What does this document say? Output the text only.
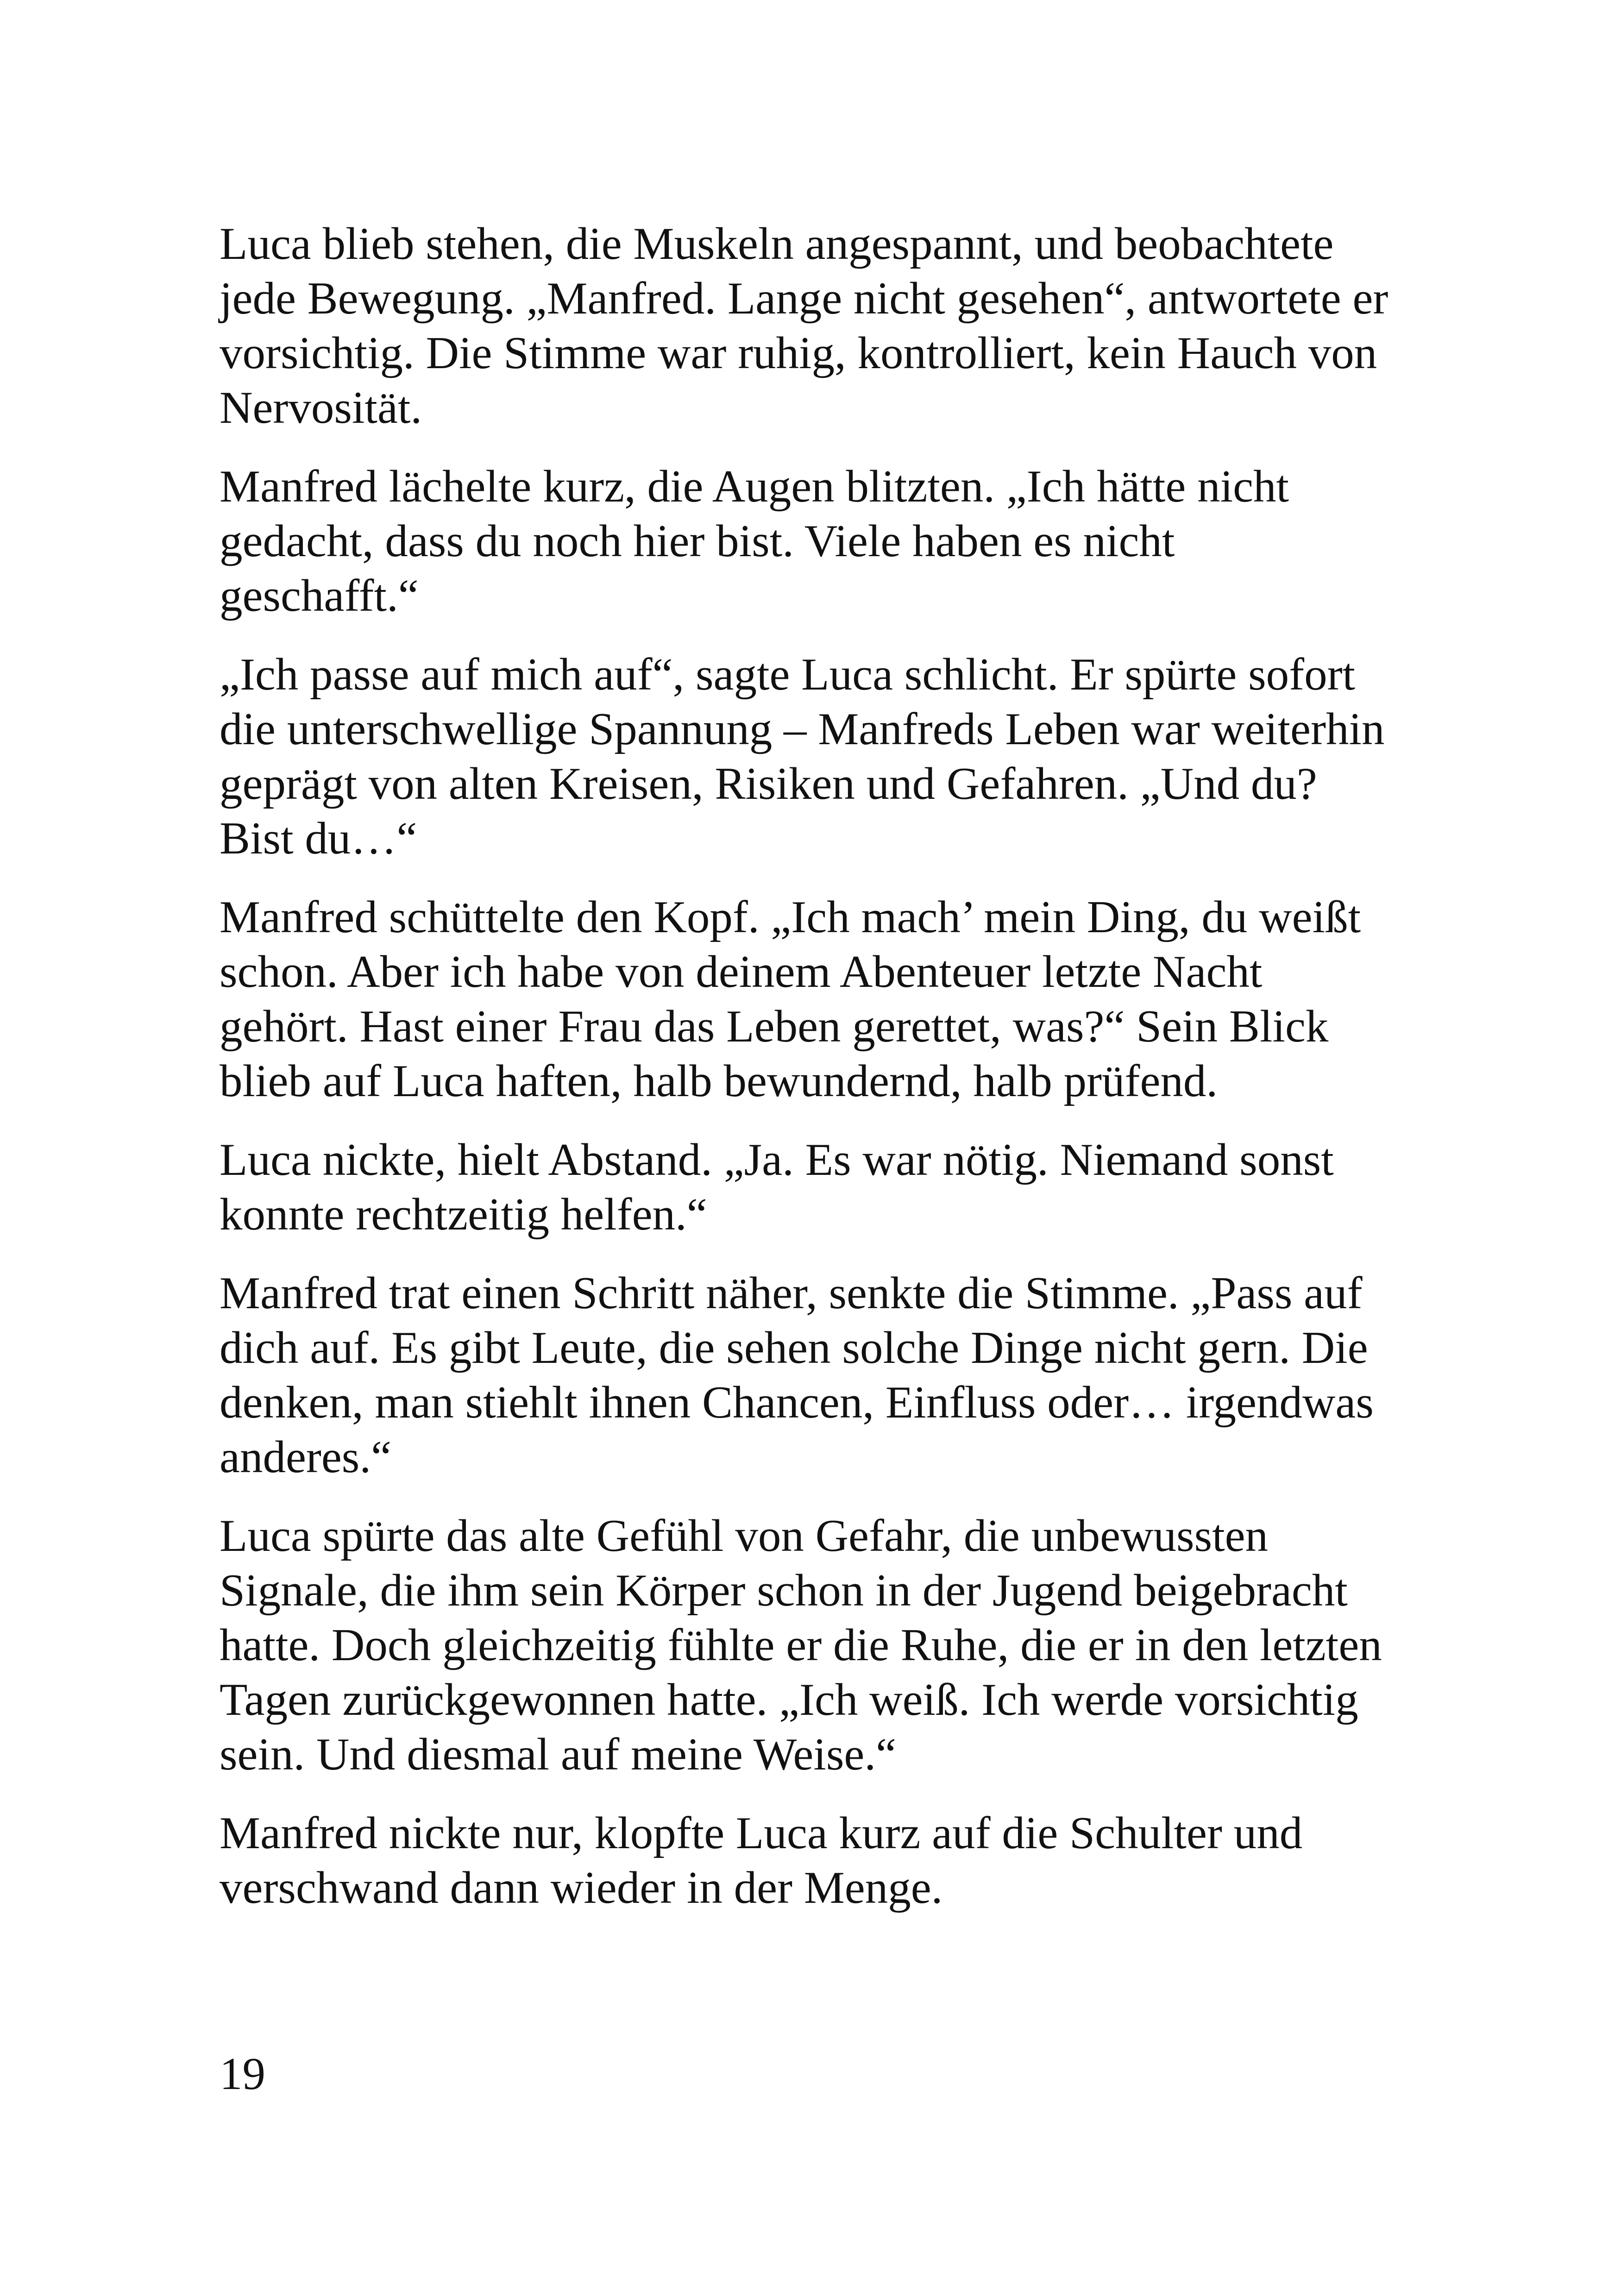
Luca blieb stehen, die Muskeln angespannt, und beobachtete
jede Bewegung. „Manfred. Lange nicht gesehen“, antwortete er
vorsichtig. Die Stimme war ruhig, kontrolliert, kein Hauch von
Nervosität.

Manfred lächelte kurz, die Augen blitzten. „Ich hätte nicht
gedacht, dass du noch hier bist. Viele haben es nicht
geschafft.“

„Ich passe auf mich auf“, sagte Luca schlicht. Er spürte sofort
die unterschwellige Spannung – Manfreds Leben war weiterhin
geprägt von alten Kreisen, Risiken und Gefahren. „Und du?
Bist du…“

Manfred schüttelte den Kopf. „Ich mach’ mein Ding, du weißt
schon. Aber ich habe von deinem Abenteuer letzte Nacht
gehört. Hast einer Frau das Leben gerettet, was?“ Sein Blick
blieb auf Luca haften, halb bewundernd, halb prüfend.

Luca nickte, hielt Abstand. „Ja. Es war nötig. Niemand sonst
konnte rechtzeitig helfen.“

Manfred trat einen Schritt näher, senkte die Stimme. „Pass auf
dich auf. Es gibt Leute, die sehen solche Dinge nicht gern. Die
denken, man stiehlt ihnen Chancen, Einfluss oder… irgendwas
anderes.“

Luca spürte das alte Gefühl von Gefahr, die unbewussten
Signale, die ihm sein Körper schon in der Jugend beigebracht
hatte. Doch gleichzeitig fühlte er die Ruhe, die er in den letzten
Tagen zurückgewonnen hatte. „Ich weiß. Ich werde vorsichtig
sein. Und diesmal auf meine Weise.“

Manfred nickte nur, klopfte Luca kurz auf die Schulter und
verschwand dann wieder in der Menge.

19
